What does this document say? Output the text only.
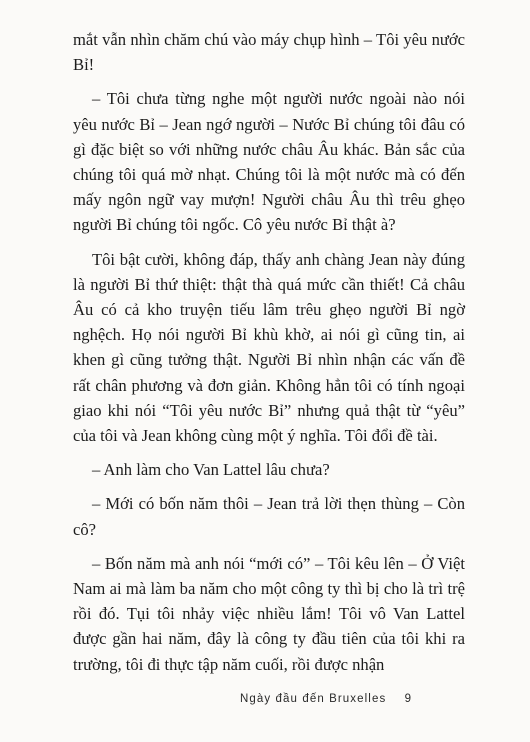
mắt vẫn nhìn chăm chú vào máy chụp hình – Tôi yêu nước Bỉ!

– Tôi chưa từng nghe một người nước ngoài nào nói yêu nước Bỉ – Jean ngớ người – Nước Bỉ chúng tôi đâu có gì đặc biệt so với những nước châu Âu khác. Bản sắc của chúng tôi quá mờ nhạt. Chúng tôi là một nước mà có đến mấy ngôn ngữ vay mượn! Người châu Âu thì trêu ghẹo người Bỉ chúng tôi ngốc. Cô yêu nước Bỉ thật à?

Tôi bật cười, không đáp, thấy anh chàng Jean này đúng là người Bỉ thứ thiệt: thật thà quá mức cần thiết! Cả châu Âu có cả kho truyện tiếu lâm trêu ghẹo người Bỉ ngờ nghệch. Họ nói người Bỉ khù khờ, ai nói gì cũng tin, ai khen gì cũng tưởng thật. Người Bỉ nhìn nhận các vấn đề rất chân phương và đơn giản. Không hẳn tôi có tính ngoại giao khi nói “Tôi yêu nước Bỉ” nhưng quả thật từ “yêu” của tôi và Jean không cùng một ý nghĩa. Tôi đổi đề tài.

– Anh làm cho Van Lattel lâu chưa?

– Mới có bốn năm thôi – Jean trả lời thẹn thùng – Còn cô?

– Bốn năm mà anh nói “mới có” – Tôi kêu lên – Ở Việt Nam ai mà làm ba năm cho một công ty thì bị cho là trì trệ rồi đó. Tụi tôi nhảy việc nhiều lắm! Tôi vô Van Lattel được gần hai năm, đây là công ty đầu tiên của tôi khi ra trường, tôi đi thực tập năm cuối, rồi được nhận

Ngày đầu đến Bruxelles 9
